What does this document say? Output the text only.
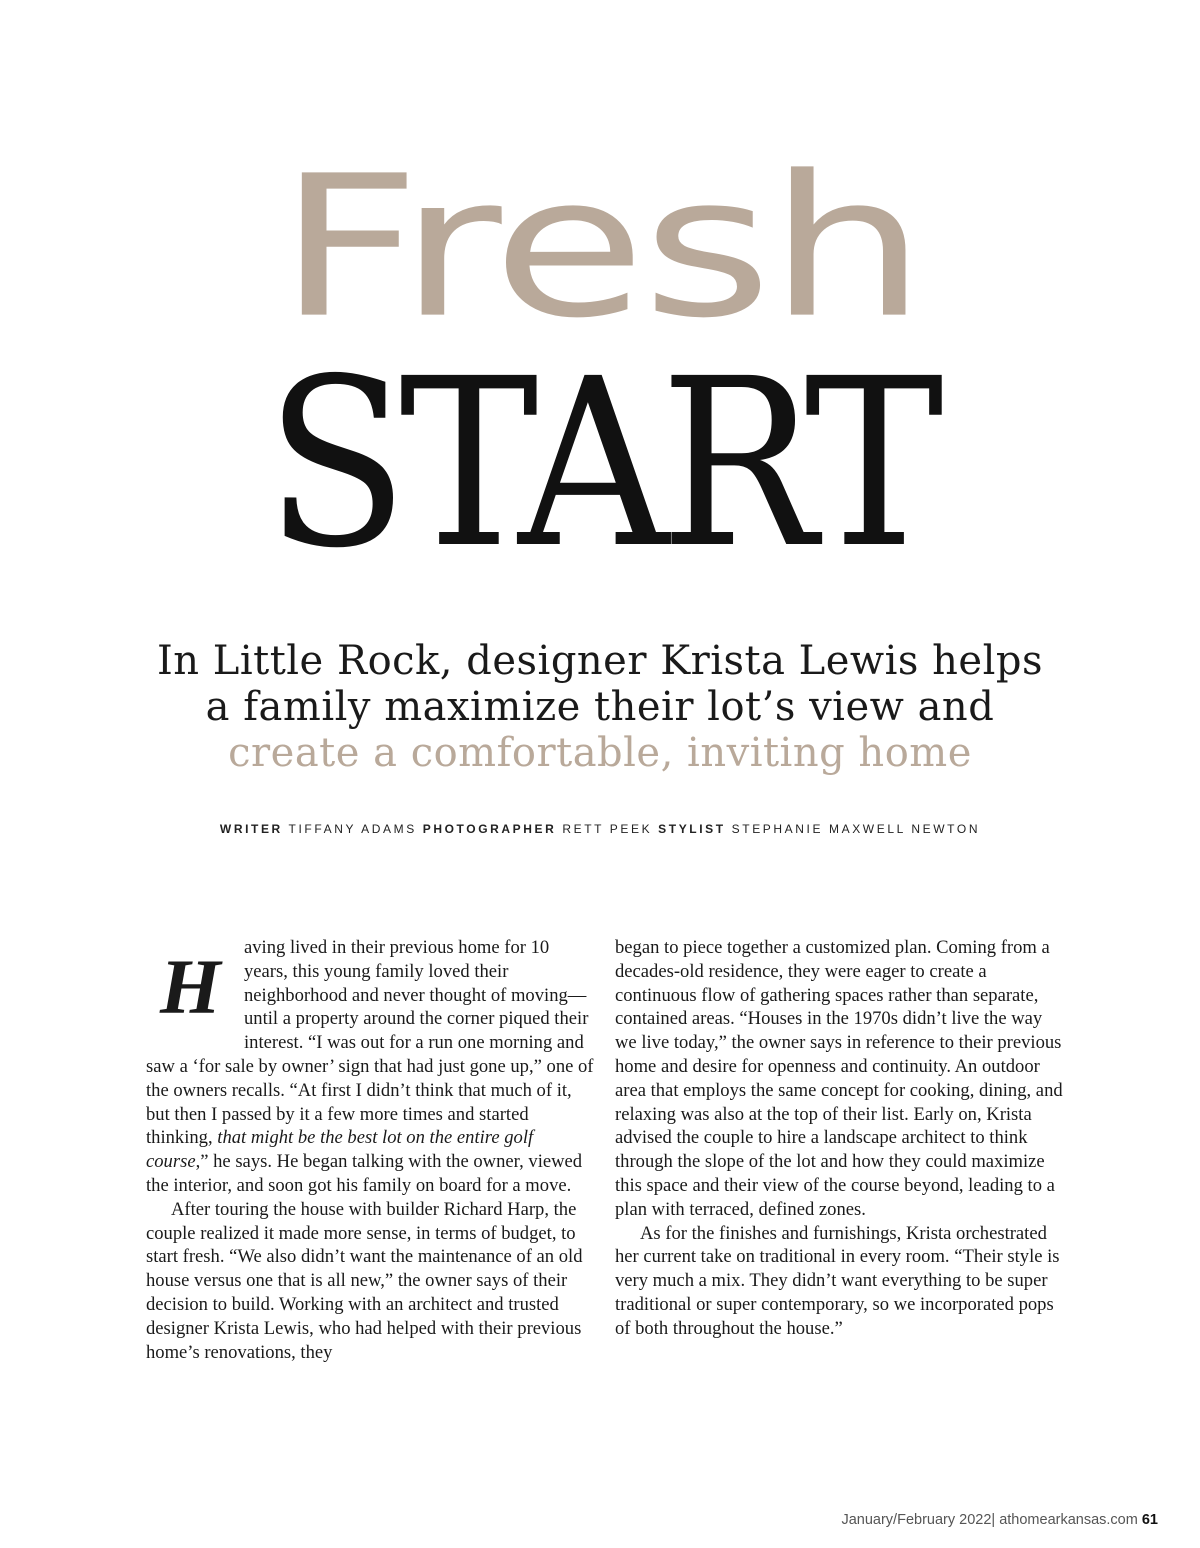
Fresh
START
In Little Rock, designer Krista Lewis helps a family maximize their lot’s view and create a comfortable, inviting home
WRITER TIFFANY ADAMS PHOTOGRAPHER RETT PEEK STYLIST STEPHANIE MAXWELL NEWTON

H	aving lived in their previous home for 10 years, this young family loved their neighborhood and never thought of moving—until a property around the corner piqued their interest. “I was out for a run one morning and saw a ‘for sale by owner’ sign that had just gone up,” one of the owners recalls. “At first I didn’t think that much of it, but then I passed by it a few more times and started thinking, that might be the best lot on the entire golf course,” he says. He began talking with the owner, viewed the interior, and soon got his family on board for a move.

After touring the house with builder Richard Harp, the couple realized it made more sense, in terms of budget, to start fresh. “We also didn’t want the maintenance of an old house versus one that is all new,” the owner says of their decision to build. Working with an architect and trusted designer Krista Lewis, who had helped with their previous home’s renovations, they

began to piece together a customized plan. Coming from a decades-old residence, they were eager to create a continuous flow of gathering spaces rather than separate, contained areas. “Houses in the 1970s didn’t live the way we live today,” the owner says in reference to their previous home and desire for openness and continuity. An outdoor area that employs the same concept for cooking, dining, and relaxing was also at the top of their list. Early on, Krista advised the couple to hire a landscape architect to think through the slope of the lot and how they could maximize this space and their view of the course beyond, leading to a plan with terraced, defined zones.

As for the finishes and furnishings, Krista orchestrated her current take on traditional in every room. “Their style is very much a mix. They didn’t want everything to be super traditional or super contemporary, so we incorporated pops of both throughout the house.”

January/February 2022| athomearkansas.com 61
